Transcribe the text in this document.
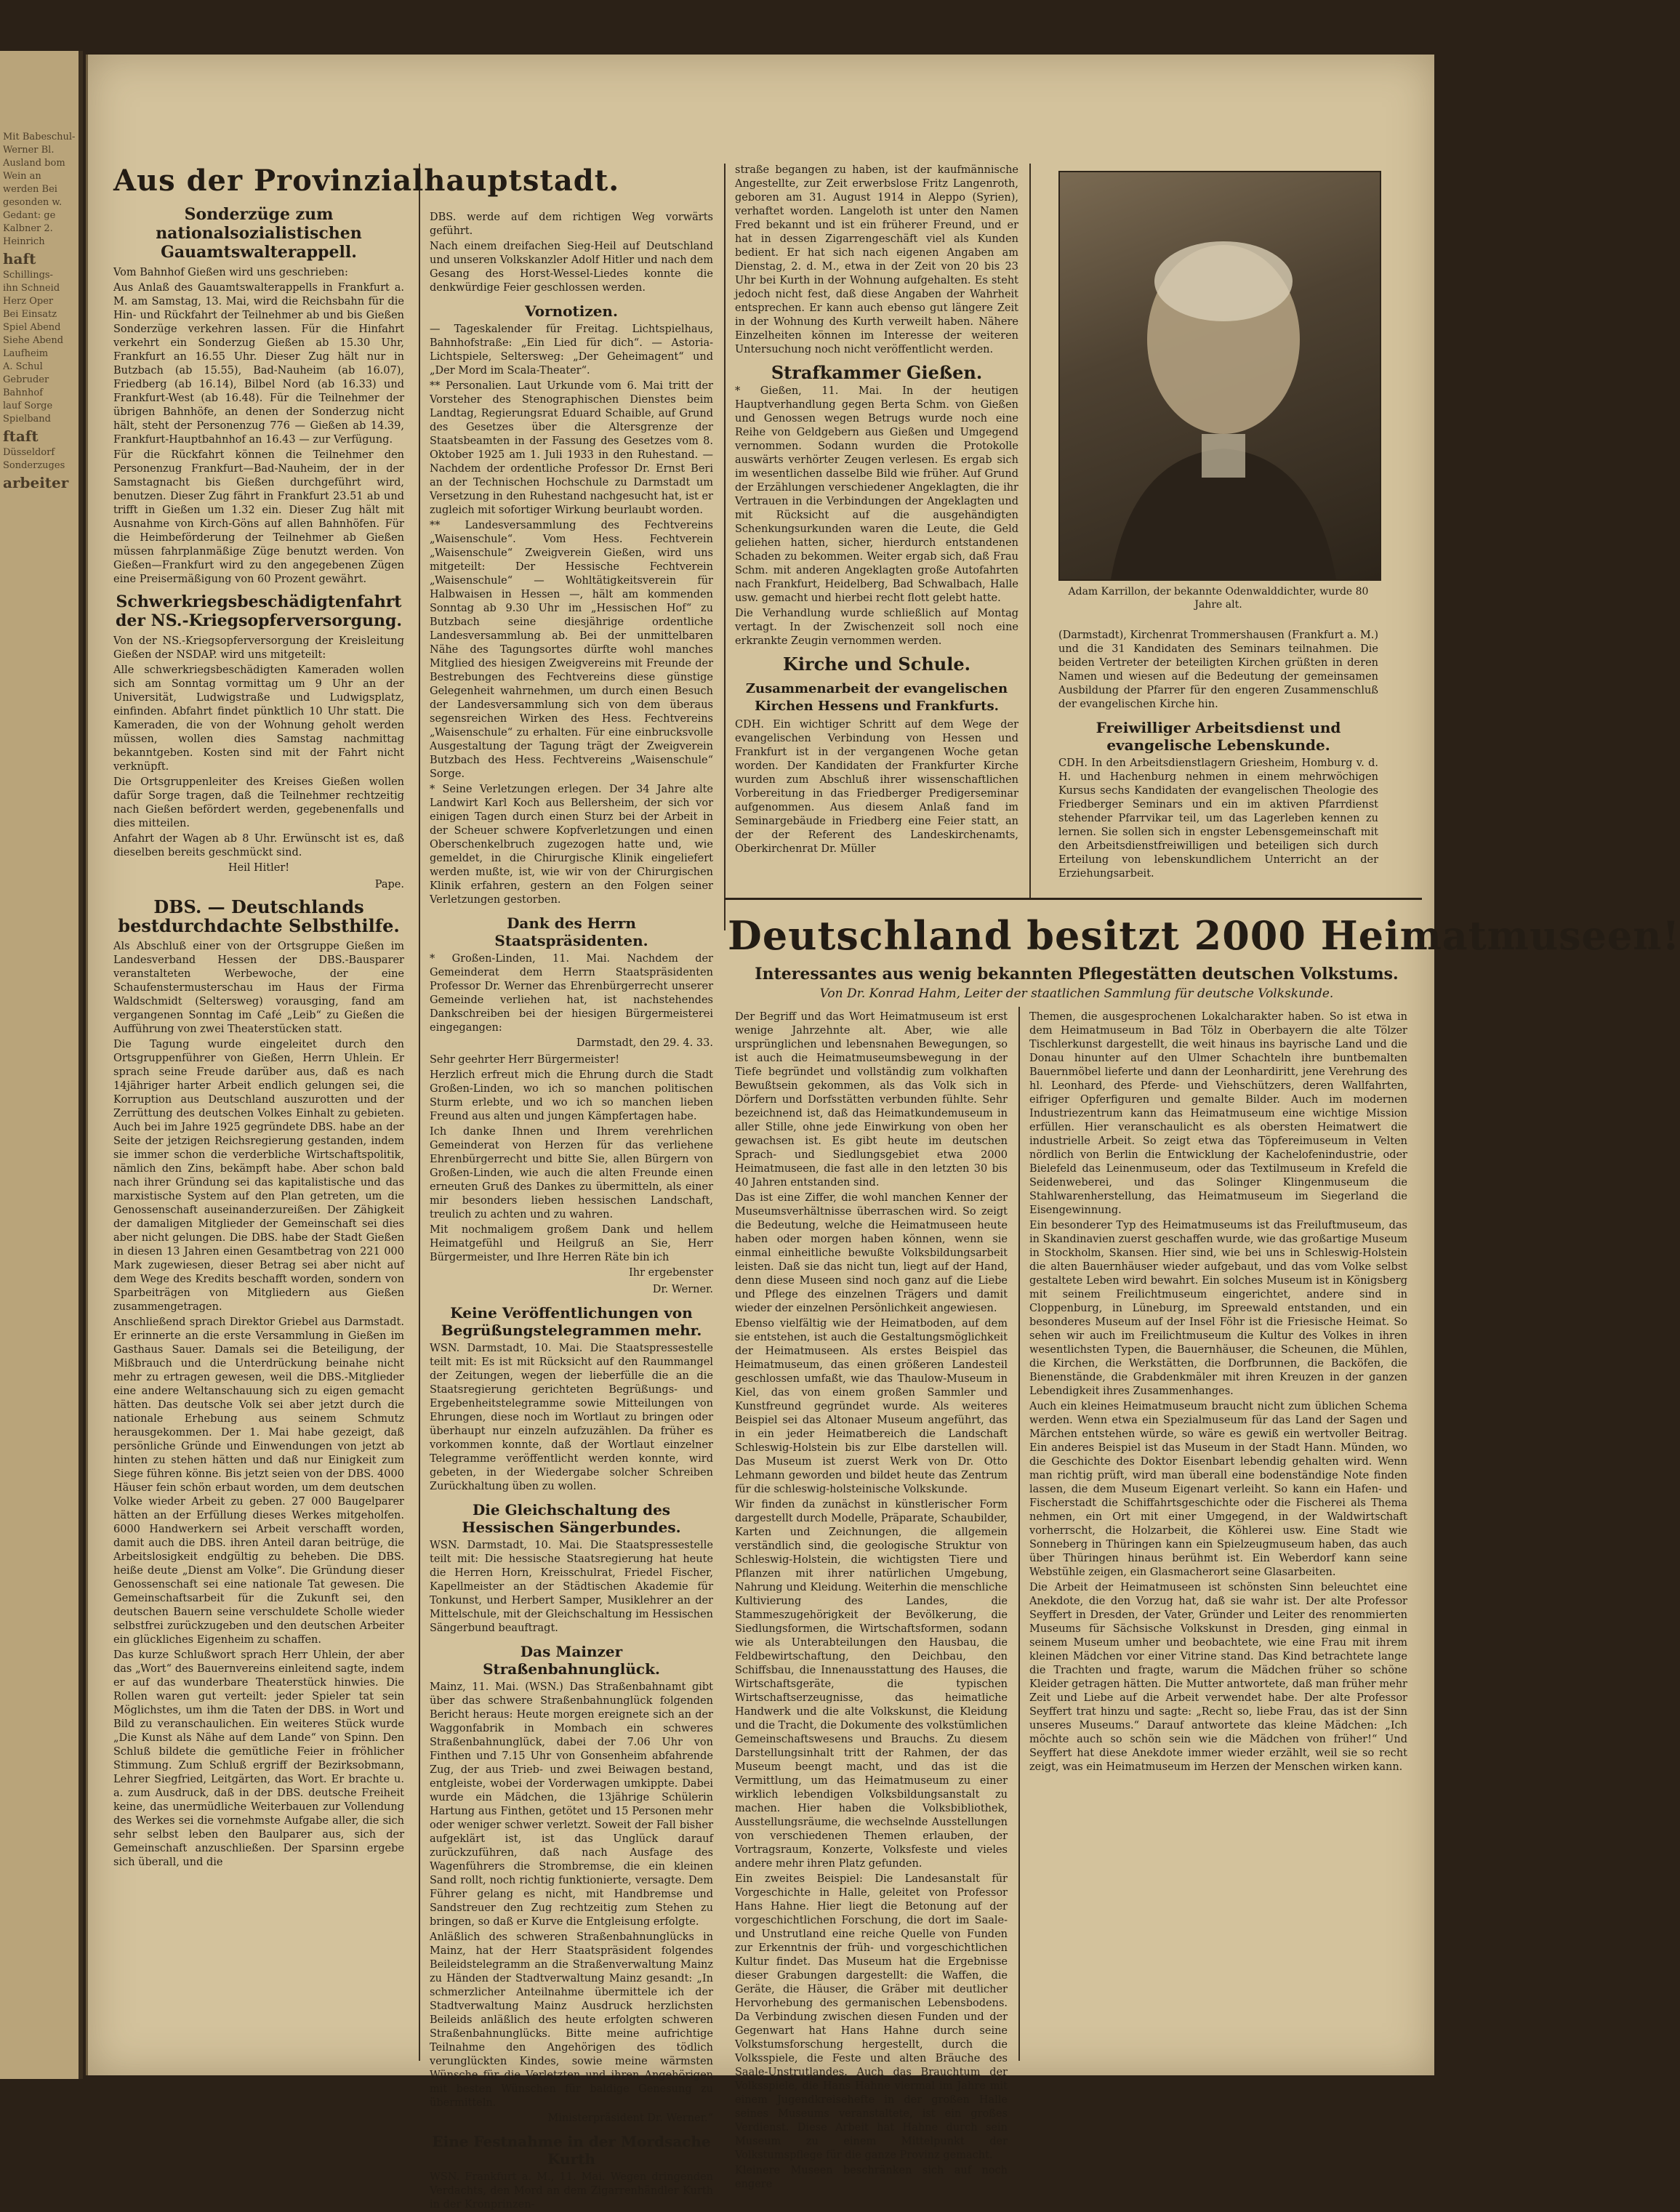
Mit Babeschul-
Werner Bl.
Ausland bom
Wein an
werden Bei
gesonden w.
Gedant: ge
Kalbner 2.
Heinrich
haft
Schillings-
ihn Schneid
Herz Oper
Bei Einsatz
Spiel Abend
Siehe Abend
Laufheim
A. Schul
Gebruder
Bahnhof
lauf Sorge
Spielband
ftaft
Düsseldorf
Sonderzuges
arbeiter
Aus der Provinzialhauptstadt.
Sonderzüge zum nationalsozialistischen Gauamtswalterappell.

Vom Bahnhof Gießen wird uns geschrieben:

Aus Anlaß des Gauamtswalterappells in Frankfurt a. M. am Samstag, 13. Mai, wird die Reichsbahn für die Hin- und Rückfahrt der Teilnehmer ab und bis Gießen Sonderzüge verkehren lassen. Für die Hinfahrt verkehrt ein Sonderzug Gießen ab 15.30 Uhr, Frankfurt an 16.55 Uhr. Dieser Zug hält nur in Butzbach (ab 15.55), Bad-Nauheim (ab 16.07), Friedberg (ab 16.14), Bilbel Nord (ab 16.33) und Frankfurt-West (ab 16.48). Für die Teilnehmer der übrigen Bahnhöfe, an denen der Sonderzug nicht hält, steht der Personenzug 776 — Gießen ab 14.39, Frankfurt-Hauptbahnhof an 16.43 — zur Verfügung.

Für die Rückfahrt können die Teilnehmer den Personenzug Frankfurt—Bad-Nauheim, der in der Samstagnacht bis Gießen durchgeführt wird, benutzen. Dieser Zug fährt in Frankfurt 23.51 ab und trifft in Gießen um 1.32 ein. Dieser Zug hält mit Ausnahme von Kirch-Göns auf allen Bahnhöfen. Für die Heimbeförderung der Teilnehmer ab Gießen müssen fahrplanmäßige Züge benutzt werden. Von Gießen—Frankfurt wird zu den angegebenen Zügen eine Preisermäßigung von 60 Prozent gewährt.

Schwerkriegsbeschädigtenfahrt der NS.-Kriegsopferversorgung.

Von der NS.-Kriegsopferversorgung der Kreisleitung Gießen der NSDAP. wird uns mitgeteilt:

Alle schwerkriegsbeschädigten Kameraden wollen sich am Sonntag vormittag um 9 Uhr an der Universität, Ludwigstraße und Ludwigsplatz, einfinden. Abfahrt findet pünktlich 10 Uhr statt. Die Kameraden, die von der Wohnung geholt werden müssen, wollen dies Samstag nachmittag bekanntgeben. Kosten sind mit der Fahrt nicht verknüpft.

Die Ortsgruppenleiter des Kreises Gießen wollen dafür Sorge tragen, daß die Teilnehmer rechtzeitig nach Gießen befördert werden, gegebenenfalls und dies mitteilen.

Anfahrt der Wagen ab 8 Uhr. Erwünscht ist es, daß dieselben bereits geschmückt sind.

Heil Hitler!
Pape.
DBS. — Deutschlands bestdurchdachte Selbsthilfe.

Als Abschluß einer von der Ortsgruppe Gießen im Landesverband Hessen der DBS.-Bausparer veranstalteten Werbewoche, der eine Schaufenstermusterschau im Haus der Firma Waldschmidt (Seltersweg) vorausging, fand am vergangenen Sonntag im Café „Leib“ zu Gießen die Aufführung von zwei Theaterstücken statt.

Die Tagung wurde eingeleitet durch den Ortsgruppenführer von Gießen, Herrn Uhlein. Er sprach seine Freude darüber aus, daß es nach 14jähriger harter Arbeit endlich gelungen sei, die Korruption aus Deutschland auszurotten und der Zerrüttung des deutschen Volkes Einhalt zu gebieten. Auch bei im Jahre 1925 gegründete DBS. habe an der Seite der jetzigen Reichsregierung gestanden, indem sie immer schon die verderbliche Wirtschaftspolitik, nämlich den Zins, bekämpft habe. Aber schon bald nach ihrer Gründung sei das kapitalistische und das marxistische System auf den Plan getreten, um die Genossenschaft auseinanderzureißen. Der Zähigkeit der damaligen Mitglieder der Gemeinschaft sei dies aber nicht gelungen. Die DBS. habe der Stadt Gießen in diesen 13 Jahren einen Gesamtbetrag von 221 000 Mark zugewiesen, dieser Betrag sei aber nicht auf dem Wege des Kredits beschafft worden, sondern von Sparbeiträgen von Mitgliedern aus Gießen zusammengetragen.

Anschließend sprach Direktor Griebel aus Darmstadt. Er erinnerte an die erste Versammlung in Gießen im Gasthaus Sauer. Damals sei die Beteiligung, der Mißbrauch und die Unterdrückung beinahe nicht mehr zu ertragen gewesen, weil die DBS.-Mitglieder eine andere Weltanschauung sich zu eigen gemacht hätten. Das deutsche Volk sei aber jetzt durch die nationale Erhebung aus seinem Schmutz herausgekommen. Der 1. Mai habe gezeigt, daß persönliche Gründe und Einwendungen von jetzt ab hinten zu stehen hätten und daß nur Einigkeit zum Siege führen könne. Bis jetzt seien von der DBS. 4000 Häuser fein schön erbaut worden, um dem deutschen Volke wieder Arbeit zu geben. 27 000 Baugelparer hätten an der Erfüllung dieses Werkes mitgeholfen. 6000 Handwerkern sei Arbeit verschafft worden, damit auch die DBS. ihren Anteil daran beitrüge, die Arbeitslosigkeit endgültig zu beheben. Die DBS. heiße deute „Dienst am Volke“. Die Gründung dieser Genossenschaft sei eine nationale Tat gewesen. Die Gemeinschaftsarbeit für die Zukunft sei, den deutschen Bauern seine verschuldete Scholle wieder selbstfrei zurückzugeben und den deutschen Arbeiter ein glückliches Eigenheim zu schaffen.

Das kurze Schlußwort sprach Herr Uhlein, der aber das „Wort“ des Bauernvereins einleitend sagte, indem er auf das wunderbare Theaterstück hinwies. Die Rollen waren gut verteilt: jeder Spieler tat sein Möglichstes, um ihm die Taten der DBS. in Wort und Bild zu veranschaulichen. Ein weiteres Stück wurde „Die Kunst als Nähe auf dem Lande“ von Spinn. Den Schluß bildete die gemütliche Feier in fröhlicher Stimmung. Zum Schluß ergriff der Bezirksobmann, Lehrer Siegfried, Leitgärten, das Wort. Er brachte u. a. zum Ausdruck, daß in der DBS. deutsche Freiheit keine, das unermüdliche Weiterbauen zur Vollendung des Werkes sei die vornehmste Aufgabe aller, die sich sehr selbst leben den Baulparer aus, sich der Gemeinschaft anzuschließen. Der Sparsinn ergebe sich überall, und die

DBS. werde auf dem richtigen Weg vorwärts geführt.

Nach einem dreifachen Sieg-Heil auf Deutschland und unseren Volkskanzler Adolf Hitler und nach dem Gesang des Horst-Wessel-Liedes konnte die denkwürdige Feier geschlossen werden.

Vornotizen.

— Tageskalender für Freitag. Lichtspielhaus, Bahnhofstraße: „Ein Lied für dich“. — Astoria-Lichtspiele, Seltersweg: „Der Geheimagent“ und „Der Mord im Scala-Theater“.

** Personalien. Laut Urkunde vom 6. Mai tritt der Vorsteher des Stenographischen Dienstes beim Landtag, Regierungsrat Eduard Schaible, auf Grund des Gesetzes über die Altersgrenze der Staatsbeamten in der Fassung des Gesetzes vom 8. Oktober 1925 am 1. Juli 1933 in den Ruhestand. — Nachdem der ordentliche Professor Dr. Ernst Beri an der Technischen Hochschule zu Darmstadt um Versetzung in den Ruhestand nachgesucht hat, ist er zugleich mit sofortiger Wirkung beurlaubt worden.

** Landesversammlung des Fechtvereins „Waisenschule“. Vom Hess. Fechtverein „Waisenschule“ Zweigverein Gießen, wird uns mitgeteilt: Der Hessische Fechtverein „Waisenschule“ — Wohltätigkeitsverein für Halbwaisen in Hessen —, hält am kommenden Sonntag ab 9.30 Uhr im „Hessischen Hof“ zu Butzbach seine diesjährige ordentliche Landesversammlung ab. Bei der unmittelbaren Nähe des Tagungsortes dürfte wohl manches Mitglied des hiesigen Zweigvereins mit Freunde der Bestrebungen des Fechtvereins diese günstige Gelegenheit wahrnehmen, um durch einen Besuch der Landesversammlung sich von dem überaus segensreichen Wirken des Hess. Fechtvereins „Waisenschule“ zu erhalten. Für eine einbrucksvolle Ausgestaltung der Tagung trägt der Zweigverein Butzbach des Hess. Fechtvereins „Waisenschule“ Sorge.

* Seine Verletzungen erlegen. Der 34 Jahre alte Landwirt Karl Koch aus Bellersheim, der sich vor einigen Tagen durch einen Sturz bei der Arbeit in der Scheuer schwere Kopfverletzungen und einen Oberschenkelbruch zugezogen hatte und, wie gemeldet, in die Chirurgische Klinik eingeliefert werden mußte, ist, wie wir von der Chirurgischen Klinik erfahren, gestern an den Folgen seiner Verletzungen gestorben.

Dank des Herrn Staatspräsidenten.

* Großen-Linden, 11. Mai. Nachdem der Gemeinderat dem Herrn Staatspräsidenten Professor Dr. Werner das Ehrenbürgerrecht unserer Gemeinde verliehen hat, ist nachstehendes Dankschreiben bei der hiesigen Bürgermeisterei eingegangen:

Darmstadt, den 29. 4. 33.

Sehr geehrter Herr Bürgermeister!

Herzlich erfreut mich die Ehrung durch die Stadt Großen-Linden, wo ich so manchen politischen Sturm erlebte, und wo ich so manchen lieben Freund aus alten und jungen Kämpfertagen habe.

Ich danke Ihnen und Ihrem verehrlichen Gemeinderat von Herzen für das verliehene Ehrenbürgerrecht und bitte Sie, allen Bürgern von Großen-Linden, wie auch die alten Freunde einen erneuten Gruß des Dankes zu übermitteln, als einer mir besonders lieben hessischen Landschaft, treulich zu achten und zu wahren.

Mit nochmaligem großem Dank und hellem Heimatgefühl und Heilgruß an Sie, Herr Bürgermeister, und Ihre Herren Räte bin ich

Ihr ergebenster
Dr. Werner.
Keine Veröffentlichungen von Begrüßungstelegrammen mehr.

WSN. Darmstadt, 10. Mai. Die Staatspressestelle teilt mit: Es ist mit Rücksicht auf den Raummangel der Zeitungen, wegen der lieberfülle die an die Staatsregierung gerichteten Begrüßungs- und Ergebenheitstelegramme sowie Mitteilungen von Ehrungen, diese noch im Wortlaut zu bringen oder überhaupt nur einzeln aufzuzählen. Da früher es vorkommen konnte, daß der Wortlaut einzelner Telegramme veröffentlicht werden konnte, wird gebeten, in der Wiedergabe solcher Schreiben Zurückhaltung üben zu wollen.

Die Gleichschaltung des Hessischen Sängerbundes.

WSN. Darmstadt, 10. Mai. Die Staatspressestelle teilt mit: Die hessische Staatsregierung hat heute die Herren Horn, Kreisschulrat, Friedel Fischer, Kapellmeister an der Städtischen Akademie für Tonkunst, und Herbert Samper, Musiklehrer an der Mittelschule, mit der Gleichschaltung im Hessischen Sängerbund beauftragt.

Das Mainzer Straßenbahnunglück.

Mainz, 11. Mai. (WSN.) Das Straßenbahnamt gibt über das schwere Straßenbahnunglück folgenden Bericht heraus: Heute morgen ereignete sich an der Waggonfabrik in Mombach ein schweres Straßenbahnunglück, dabei der 7.06 Uhr von Finthen und 7.15 Uhr von Gonsenheim abfahrende Zug, der aus Trieb- und zwei Beiwagen bestand, entgleiste, wobei der Vorderwagen umkippte. Dabei wurde ein Mädchen, die 13jährige Schülerin Hartung aus Finthen, getötet und 15 Personen mehr oder weniger schwer verletzt. Soweit der Fall bisher aufgeklärt ist, ist das Unglück darauf zurückzuführen, daß nach Ausfage des Wagenführers die Strombremse, die ein kleinen Sand rollt, noch richtig funktionierte, versagte. Dem Führer gelang es nicht, mit Handbremse und Sandstreuer den Zug rechtzeitig zum Stehen zu bringen, so daß er Kurve die Entgleisung erfolgte.

Anläßlich des schweren Straßenbahnunglücks in Mainz, hat der Herr Staatspräsident folgendes Beileidstelegramm an die Straßenverwaltung Mainz zu Händen der Stadtverwaltung Mainz gesandt: „In schmerzlicher Anteilnahme übermittele ich der Stadtverwaltung Mainz Ausdruck herzlichsten Beileids anläßlich des heute erfolgten schweren Straßenbahnunglücks. Bitte meine aufrichtige Teilnahme den Angehörigen des tödlich verunglückten Kindes, sowie meine wärmsten Wünsche für die Verletzten und ihren Angehörigen mit besten Wünschen für baldige Genesung zu übermitteln.

Ministerpräsident Dr. Werner.“
Eine Festnahme in der Mordsache Kurth

WSN. Frankfurt a. M., 11. Mai. Wegen dringenden Verdachts, den Mord an dem Zigarrenhändler Kurth in der Kronprinzen-

straße begangen zu haben, ist der kaufmännische Angestellte, zur Zeit erwerbslose Fritz Langenroth, geboren am 31. August 1914 in Aleppo (Syrien), verhaftet worden. Langeloth ist unter den Namen Fred bekannt und ist ein früherer Freund, und er hat in dessen Zigarrengeschäft viel als Kunden bedient. Er hat sich nach eigenen Angaben am Dienstag, 2. d. M., etwa in der Zeit von 20 bis 23 Uhr bei Kurth in der Wohnung aufgehalten. Es steht jedoch nicht fest, daß diese Angaben der Wahrheit entsprechen. Er kann auch ebenso gut längere Zeit in der Wohnung des Kurth verweilt haben. Nähere Einzelheiten können im Interesse der weiteren Untersuchung noch nicht veröffentlicht werden.

Strafkammer Gießen.

* Gießen, 11. Mai. In der heutigen Hauptverhandlung gegen Berta Schm. von Gießen und Genossen wegen Betrugs wurde noch eine Reihe von Geldgebern aus Gießen und Umgegend vernommen. Sodann wurden die Protokolle auswärts verhörter Zeugen verlesen. Es ergab sich im wesentlichen dasselbe Bild wie früher. Auf Grund der Erzählungen verschiedener Angeklagten, die ihr Vertrauen in die Verbindungen der Angeklagten und mit Rücksicht auf die ausgehändigten Schenkungsurkunden waren die Leute, die Geld geliehen hatten, sicher, hierdurch entstandenen Schaden zu bekommen. Weiter ergab sich, daß Frau Schm. mit anderen Angeklagten große Autofahrten nach Frankfurt, Heidelberg, Bad Schwalbach, Halle usw. gemacht und hierbei recht flott gelebt hatte.

Die Verhandlung wurde schließlich auf Montag vertagt. In der Zwischenzeit soll noch eine erkrankte Zeugin vernommen werden.

Kirche und Schule.
Zusammenarbeit der evangelischen Kirchen Hessens und Frankfurts.

CDH. Ein wichtiger Schritt auf dem Wege der evangelischen Verbindung von Hessen und Frankfurt ist in der vergangenen Woche getan worden. Der Kandidaten der Frankfurter Kirche wurden zum Abschluß ihrer wissenschaftlichen Vorbereitung in das Friedberger Predigerseminar aufgenommen. Aus diesem Anlaß fand im Seminargebäude in Friedberg eine Feier statt, an der der Referent des Landeskirchenamts, Oberkirchenrat Dr. Müller

Adam Karrillon, der bekannte Odenwalddichter, wurde 80 Jahre alt.

(Darmstadt), Kirchenrat Trommershausen (Frankfurt a. M.) und die 31 Kandidaten des Seminars teilnahmen. Die beiden Vertreter der beteiligten Kirchen grüßten in deren Namen und wiesen auf die Bedeutung der gemeinsamen Ausbildung der Pfarrer für den engeren Zusammenschluß der evangelischen Kirche hin.

Freiwilliger Arbeitsdienst und evangelische Lebenskunde.

CDH. In den Arbeitsdienstlagern Griesheim, Homburg v. d. H. und Hachenburg nehmen in einem mehrwöchigen Kursus sechs Kandidaten der evangelischen Theologie des Friedberger Seminars und ein im aktiven Pfarrdienst stehender Pfarrvikar teil, um das Lagerleben kennen zu lernen. Sie sollen sich in engster Lebensgemeinschaft mit den Arbeitsdienstfreiwilligen und beteiligen sich durch Erteilung von lebenskundlichem Unterricht an der Erziehungsarbeit.

Deutschland besitzt 2000 Heimatmuseen!
Interessantes aus wenig bekannten Pflegestätten deutschen Volkstums.
Von Dr. Konrad Hahm, Leiter der staatlichen Sammlung für deutsche Volkskunde.

Der Begriff und das Wort Heimatmuseum ist erst wenige Jahrzehnte alt. Aber, wie alle ursprünglichen und lebensnahen Bewegungen, so ist auch die Heimatmuseumsbewegung in der Tiefe begründet und vollständig zum volkhaften Bewußtsein gekommen, als das Volk sich in Dörfern und Dorfsstätten verbunden fühlte. Sehr bezeichnend ist, daß das Heimatkundemuseum in aller Stille, ohne jede Einwirkung von oben her gewachsen ist. Es gibt heute im deutschen Sprach- und Siedlungsgebiet etwa 2000 Heimatmuseen, die fast alle in den letzten 30 bis 40 Jahren entstanden sind.

Das ist eine Ziffer, die wohl manchen Kenner der Museumsverhältnisse überraschen wird. So zeigt die Bedeutung, welche die Heimatmuseen heute haben oder morgen haben können, wenn sie einmal einheitliche bewußte Volksbildungsarbeit leisten. Daß sie das nicht tun, liegt auf der Hand, denn diese Museen sind noch ganz auf die Liebe und Pflege des einzelnen Trägers und damit wieder der einzelnen Persönlichkeit angewiesen.

Ebenso vielfältig wie der Heimatboden, auf dem sie entstehen, ist auch die Gestaltungsmöglichkeit der Heimatmuseen. Als erstes Beispiel das Heimatmuseum, das einen größeren Landesteil geschlossen umfaßt, wie das Thaulow-Museum in Kiel, das von einem großen Sammler und Kunstfreund gegründet wurde. Als weiteres Beispiel sei das Altonaer Museum angeführt, das in ein jeder Heimatbereich die Landschaft Schleswig-Holstein bis zur Elbe darstellen will. Das Museum ist zuerst Werk von Dr. Otto Lehmann geworden und bildet heute das Zentrum für die schleswig-holsteinische Volkskunde.

Wir finden da zunächst in künstlerischer Form dargestellt durch Modelle, Präparate, Schaubilder, Karten und Zeichnungen, die allgemein verständlich sind, die geologische Struktur von Schleswig-Holstein, die wichtigsten Tiere und Pflanzen mit ihrer natürlichen Umgebung, Nahrung und Kleidung. Weiterhin die menschliche Kultivierung des Landes, die Stammeszugehörigkeit der Bevölkerung, die Siedlungsformen, die Wirtschaftsformen, sodann wie als Unterabteilungen den Hausbau, die Feldbewirtschaftung, den Deichbau, den Schiffsbau, die Innenausstattung des Hauses, die Wirtschaftsgeräte, die typischen Wirtschaftserzeugnisse, das heimatliche Handwerk und die alte Volkskunst, die Kleidung und die Tracht, die Dokumente des volkstümlichen Gemeinschaftswesens und Brauchs. Zu diesem Darstellungsinhalt tritt der Rahmen, der das Museum beengt macht, und das ist die Vermittlung, um das Heimatmuseum zu einer wirklich lebendigen Volksbildungsanstalt zu machen. Hier haben die Volksbibliothek, Ausstellungsräume, die wechselnde Ausstellungen von verschiedenen Themen erlauben, der Vortragsraum, Konzerte, Volksfeste und vieles andere mehr ihren Platz gefunden.

Ein zweites Beispiel: Die Landesanstalt für Vorgeschichte in Halle, geleitet von Professor Hans Hahne. Hier liegt die Betonung auf der vorgeschichtlichen Forschung, die dort im Saale- und Unstrutland eine reiche Quelle von Funden zur Erkenntnis der früh- und vorgeschichtlichen Kultur findet. Das Museum hat die Ergebnisse dieser Grabungen dargestellt: die Waffen, die Geräte, die Häuser, die Gräber mit deutlicher Hervorhebung des germanischen Lebensbodens. Da Verbindung zwischen diesen Funden und der Gegenwart hat Hans Hahne durch seine Volkstumsforschung hergestellt, durch die Volksspiele, die Feste und alten Bräuche des Saale-Unstrutlandes. Auch das Brauchtum der Volksspiele, die Hans Hahne viermal im Jahre mit einem Jugendkreisehefte in der großen Halle seines Museums veranstaltete, ist ein großes Verdienst. Diese Arbeit hat Hahne durch sein Museum zu einem Mittelpunkt der Volkstumspflege für die ganze Provinz gemacht.

Kleinere Museen beschränken sich auf noch engere

Themen, die ausgesprochenen Lokalcharakter haben. So ist etwa in dem Heimatmuseum in Bad Tölz in Oberbayern die alte Tölzer Tischlerkunst dargestellt, die weit hinaus ins bayrische Land und die Donau hinunter auf den Ulmer Schachteln ihre buntbemalten Bauernmöbel lieferte und dann der Leonhardiritt, jene Verehrung des hl. Leonhard, des Pferde- und Viehschützers, deren Wallfahrten, eifriger Opferfiguren und gemalte Bilder. Auch im modernen Industriezentrum kann das Heimatmuseum eine wichtige Mission erfüllen. Hier veranschaulicht es als obersten Heimatwert die industrielle Arbeit. So zeigt etwa das Töpfereimuseum in Velten nördlich von Berlin die Entwicklung der Kachelofenindustrie, oder Bielefeld das Leinenmuseum, oder das Textilmuseum in Krefeld die Seidenweberei, und das Solinger Klingenmuseum die Stahlwarenherstellung, das Heimatmuseum im Siegerland die Eisengewinnung.

Ein besonderer Typ des Heimatmuseums ist das Freiluftmuseum, das in Skandinavien zuerst geschaffen wurde, wie das großartige Museum in Stockholm, Skansen. Hier sind, wie bei uns in Schleswig-Holstein die alten Bauernhäuser wieder aufgebaut, und das vom Volke selbst gestaltete Leben wird bewahrt. Ein solches Museum ist in Königsberg mit seinem Freilichtmuseum eingerichtet, andere sind in Cloppenburg, in Lüneburg, im Spreewald entstanden, und ein besonderes Museum auf der Insel Föhr ist die Friesische Heimat. So sehen wir auch im Freilichtmuseum die Kultur des Volkes in ihren wesentlichsten Typen, die Bauernhäuser, die Scheunen, die Mühlen, die Kirchen, die Werkstätten, die Dorfbrunnen, die Backöfen, die Bienenstände, die Grabdenkmäler mit ihren Kreuzen in der ganzen Lebendigkeit ihres Zusammenhanges.

Auch ein kleines Heimatmuseum braucht nicht zum üblichen Schema werden. Wenn etwa ein Spezialmuseum für das Land der Sagen und Märchen entstehen würde, so wäre es gewiß ein wertvoller Beitrag. Ein anderes Beispiel ist das Museum in der Stadt Hann. Münden, wo die Geschichte des Doktor Eisenbart lebendig gehalten wird. Wenn man richtig prüft, wird man überall eine bodenständige Note finden lassen, die dem Museum Eigenart verleiht. So kann ein Hafen- und Fischerstadt die Schiffahrtsgeschichte oder die Fischerei als Thema nehmen, ein Ort mit einer Umgegend, in der Waldwirtschaft vorherrscht, die Holzarbeit, die Köhlerei usw. Eine Stadt wie Sonneberg in Thüringen kann ein Spielzeugmuseum haben, das auch über Thüringen hinaus berühmt ist. Ein Weberdorf kann seine Webstühle zeigen, ein Glasmacherort seine Glasarbeiten.

Die Arbeit der Heimatmuseen ist schönsten Sinn beleuchtet eine Anekdote, die den Vorzug hat, daß sie wahr ist. Der alte Professor Seyffert in Dresden, der Vater, Gründer und Leiter des renommierten Museums für Sächsische Volkskunst in Dresden, ging einmal in seinem Museum umher und beobachtete, wie eine Frau mit ihrem kleinen Mädchen vor einer Vitrine stand. Das Kind betrachtete lange die Trachten und fragte, warum die Mädchen früher so schöne Kleider getragen hätten. Die Mutter antwortete, daß man früher mehr Zeit und Liebe auf die Arbeit verwendet habe. Der alte Professor Seyffert trat hinzu und sagte: „Recht so, liebe Frau, das ist der Sinn unseres Museums.“ Darauf antwortete das kleine Mädchen: „Ich möchte auch so schön sein wie die Mädchen von früher!“ Und Seyffert hat diese Anekdote immer wieder erzählt, weil sie so recht zeigt, was ein Heimatmuseum im Herzen der Menschen wirken kann.
